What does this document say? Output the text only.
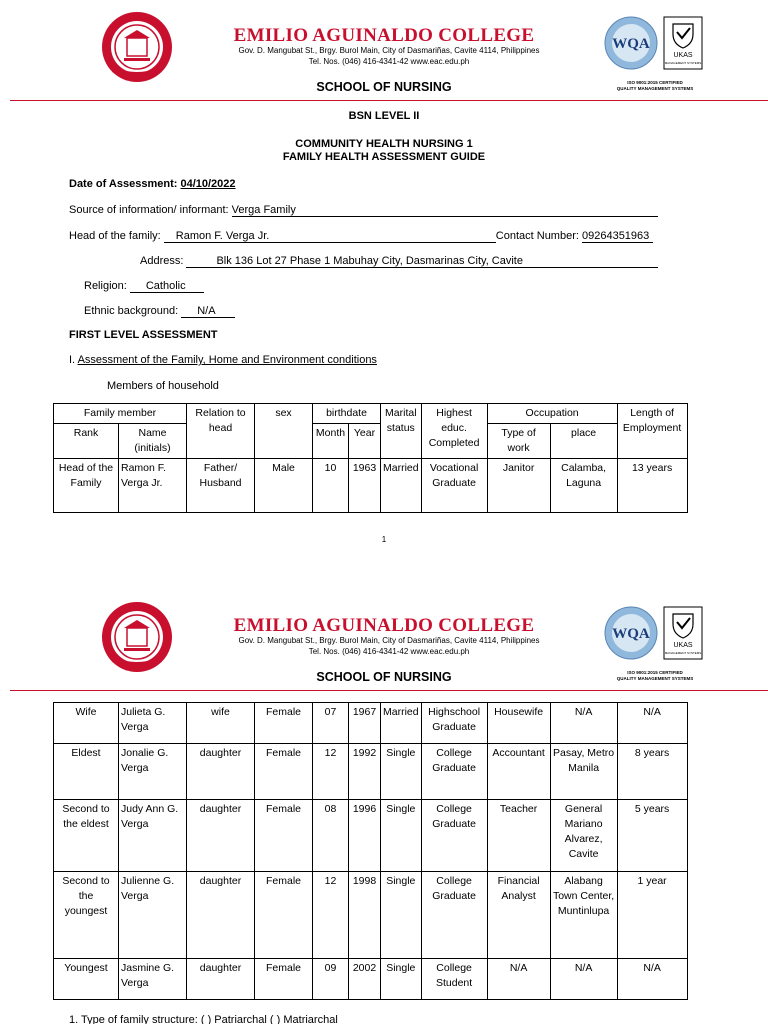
EMILIO AGUINALDO COLLEGE
Gov. D. Mangubat St., Brgy. Burol Main, City of Dasmariñas, Cavite 4114, Philippines
Tel. Nos. (046) 416-4341-42 www.eac.edu.ph
WQA
UKAS
MANAGEMENT SYSTEMS
ISO 9001:2015 CERTIFIED
QUALITY MANAGEMENT SYSTEMS
SCHOOL OF NURSING
BSN LEVEL II
COMMUNITY HEALTH NURSING 1
FAMILY HEALTH ASSESSMENT GUIDE
Date of Assessment: 04/10/2022
Source of information/ informant: Verga Family
Head of the family: Ramon F. Verga Jr.	Contact Number: 09264351963
Address:	Blk 136 Lot 27 Phase 1 Mabuhay City, Dasmarinas City, Cavite
Religion: Catholic
Ethnic background: N/A
FIRST LEVEL ASSESSMENT
I. Assessment of the Family, Home and Environment conditions
Members of household
Family member		Relation to head	sex	birthdate		Marital status	Highest educ. Completed	Occupation		Length of Employment
Rank	Name (initials)			Month	Year			Type of work	place	
Head of the Family	Ramon F. Verga Jr.	Father/ Husband	Male	10	1963	Married	Vocational Graduate	Janitor	Calamba, Laguna	13 years
1
EMILIO AGUINALDO COLLEGE
Gov. D. Mangubat St., Brgy. Burol Main, City of Dasmariñas, Cavite 4114, Philippines
Tel. Nos. (046) 416-4341-42 www.eac.edu.ph
WQA
UKAS
MANAGEMENT SYSTEMS
ISO 9001:2015 CERTIFIED
QUALITY MANAGEMENT SYSTEMS
SCHOOL OF NURSING
Wife	Julieta G. Verga	wife	Female	07	1967	Married	Highschool Graduate	Housewife	N/A	N/A
Eldest	Jonalie G. Verga	daughter	Female	12	1992	Single	College Graduate	Accountant	Pasay, Metro Manila	8 years
Second to the eldest	Judy Ann G. Verga	daughter	Female	08	1996	Single	College Graduate	Teacher	General Mariano Alvarez, Cavite	5 years
Second to the youngest	Julienne G. Verga	daughter	Female	12	1998	Single	College Graduate	Financial Analyst	Alabang Town Center, Muntinlupa	1 year
Youngest	Jasmine G. Verga	daughter	Female	09	2002	Single	College Student	N/A	N/A	N/A
1. Type of family structure: ( ) Patriarchal ( ) Matriarchal
